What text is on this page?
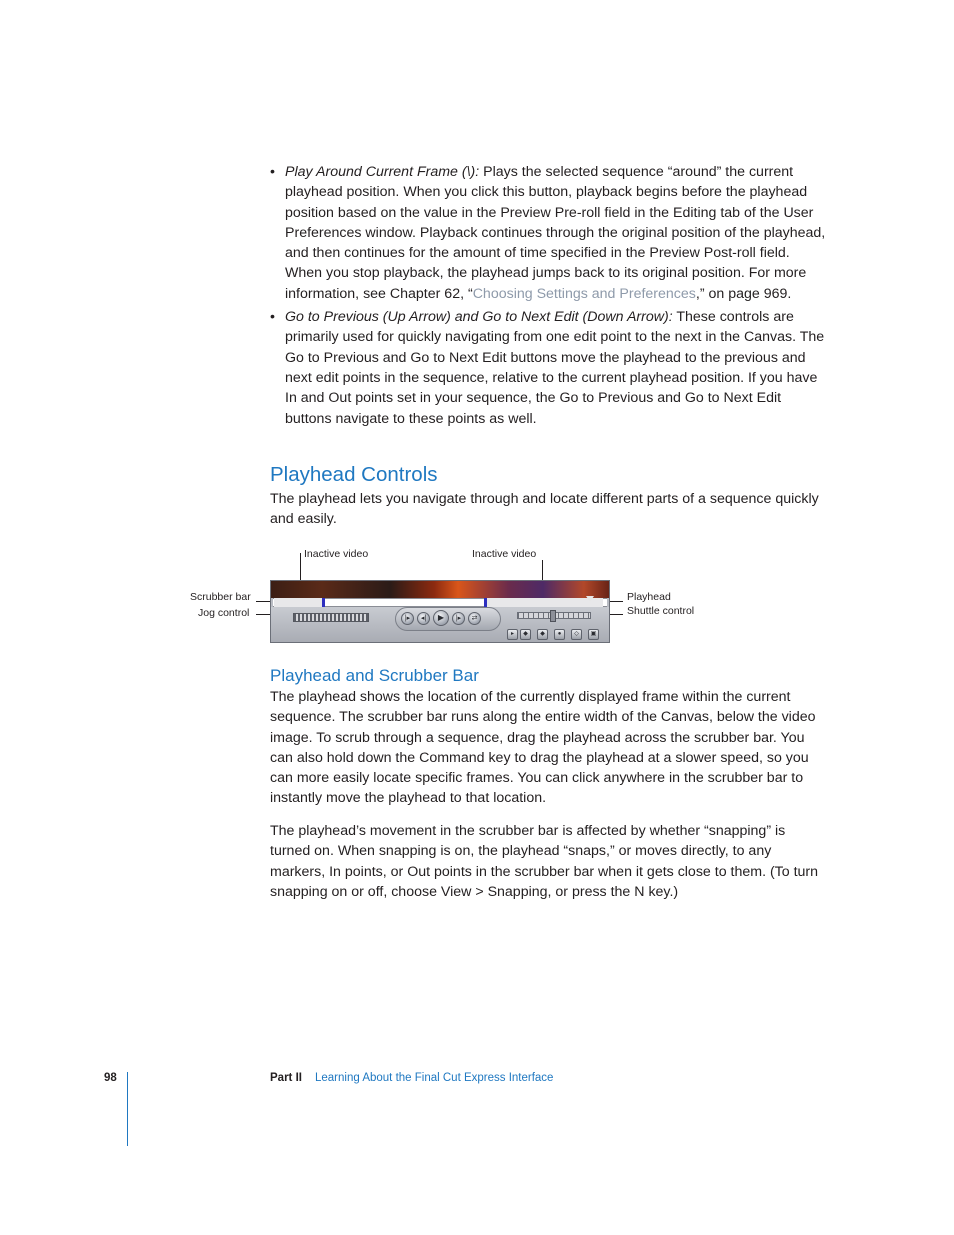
• Play Around Current Frame (\): Plays the selected sequence “around” the current playhead position. When you click this button, playback begins before the playhead position based on the value in the Preview Pre-roll field in the Editing tab of the User Preferences window. Playback continues through the original position of the playhead, and then continues for the amount of time specified in the Preview Post-roll field. When you stop playback, the playhead jumps back to its original position. For more information, see Chapter 62, “Choosing Settings and Preferences,” on page 969.
• Go to Previous (Up Arrow) and Go to Next Edit (Down Arrow): These controls are primarily used for quickly navigating from one edit point to the next in the Canvas. The Go to Previous and Go to Next Edit buttons move the playhead to the previous and next edit points in the sequence, relative to the current playhead position. If you have In and Out points set in your sequence, the Go to Previous and Go to Next Edit buttons navigate to these points as well.
Playhead Controls

The playhead lets you navigate through and locate different parts of a sequence quickly and easily.

Inactive video	Inactive video
Scrubber bar
Jog control
Playhead
Shuttle control
|▸	◂|	▶	|▸	⇄
▸	◆	◆	●	◇	▣
Playhead and Scrubber Bar

The playhead shows the location of the currently displayed frame within the current sequence. The scrubber bar runs along the entire width of the Canvas, below the video image. To scrub through a sequence, drag the playhead across the scrubber bar. You can also hold down the Command key to drag the playhead at a slower speed, so you can more easily locate specific frames. You can click anywhere in the scrubber bar to instantly move the playhead to that location.

The playhead’s movement in the scrubber bar is affected by whether “snapping” is turned on. When snapping is on, the playhead “snaps,” or moves directly, to any markers, In points, or Out points in the scrubber bar when it gets close to them. (To turn snapping on or off, choose View > Snapping, or press the N key.)

98	Part II Learning About the Final Cut Express Interface
